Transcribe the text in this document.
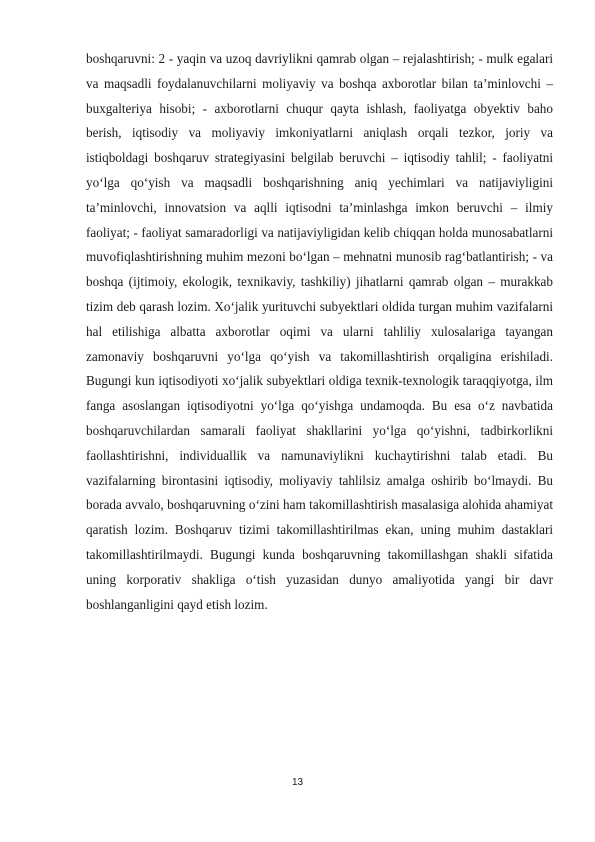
boshqaruvni: 2 - yaqin va uzoq davriylikni qamrab olgan – rejalashtirish; - mulk egalari va maqsadli foydalanuvchilarni moliyaviy va boshqa axborotlar bilan ta’minlovchi – buxgalteriya hisobi; - axborotlarni chuqur qayta ishlash, faoliyatga obyektiv baho berish, iqtisodiy va moliyaviy imkoniyatlarni aniqlash orqali tezkor, joriy va istiqboldagi boshqaruv strategiyasini belgilab beruvchi – iqtisodiy tahlil; - faoliyatni yo‘lga qo‘yish va maqsadli boshqarishning aniq yechimlari va natijaviyligini ta’minlovchi, innovatsion va aqlli iqtisodni ta’minlashga imkon beruvchi – ilmiy faoliyat; - faoliyat samaradorligi va natijaviyligidan kelib chiqqan holda munosabatlarni muvofiqlashtirishning muhim mezoni bo‘lgan – mehnatni munosib rag‘batlantirish; - va boshqa (ijtimoiy, ekologik, texnikaviy, tashkiliy) jihatlarni qamrab olgan – murakkab tizim deb qarash lozim. Xo‘jalik yurituvchi subyektlari oldida turgan muhim vazifalarni hal etilishiga albatta axborotlar oqimi va ularni tahliliy xulosalariga tayangan zamonaviy boshqaruvni yo‘lga qo‘yish va takomillashtirish orqaligina erishiladi. Bugungi kun iqtisodiyoti xo‘jalik subyektlari oldiga texnik-texnologik taraqqiyotga, ilm fanga asoslangan iqtisodiyotni yo‘lga qo‘yishga undamoqda. Bu esa o‘z navbatida boshqaruvchilardan samarali faoliyat shakllarini yo‘lga qo‘yishni, tadbirkorlikni faollashtirishni, individuallik va namunaviylikni kuchaytirishni talab etadi. Bu vazifalarning birontasini iqtisodiy, moliyaviy tahlilsiz amalga oshirib bo‘lmaydi. Bu borada avvalo, boshqaruvning o‘zini ham takomillashtirish masalasiga alohida ahamiyat qaratish lozim. Boshqaruv tizimi takomillashtirilmas ekan, uning muhim dastaklari takomillashtirilmaydi. Bugungi kunda boshqaruvning takomillashgan shakli sifatida uning korporativ shakliga o‘tish yuzasidan dunyo amaliyotida yangi bir davr boshlanganligini qayd etish lozim.

13
